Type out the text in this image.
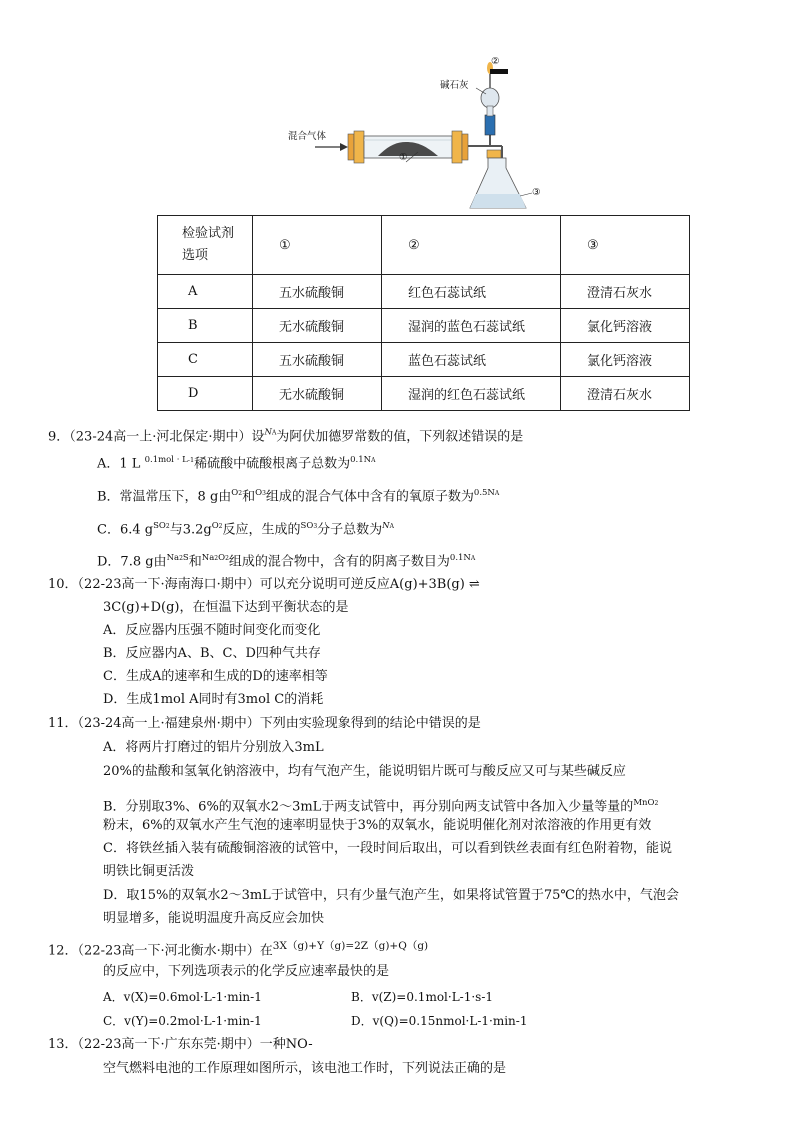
混合气体
碱石灰
①
②
③
检验试剂
选项	①	②	③
A	五水硫酸铜	红色石蕊试纸	澄清石灰水
B	无水硫酸铜	湿润的蓝色石蕊试纸	氯化钙溶液
C	五水硫酸铜	蓝色石蕊试纸	氯化钙溶液
D	无水硫酸铜	湿润的红色石蕊试纸	澄清石灰水
9．（23-24高一上·河北保定·期中）设$^{NA}$为阿伏加德罗常数的值，下列叙述错误的是
A．1 L $^{0.1mol \cdot L-1}$稀硫酸中硫酸根离子总数为$^{0.1NA}$
B．常温常压下，8 g由$^{O2}$和$^{O3}$组成的混合气体中含有的氧原子数为$^{0.5NA}$
C．6.4 $g^{SO2}$与$3.2g^{O2}$反应，生成的$^{SO3}$分子总数为$^{NA}$
D．7.8 g由$^{Na2S}$和$^{Na2O2}$组成的混合物中，含有的阴离子数目为$^{0.1NA}$
10．（22-23高一下·海南海口·期中）可以充分说明可逆反应A(g)+3B(g) ⇌
3C(g)+D(g)，在恒温下达到平衡状态的是
A．反应器内压强不随时间变化而变化
B．反应器内A、B、C、D四种气共存
C．生成A的速率和生成的D的速率相等
D．生成1mol A同时有3mol C的消耗
11．（23-24高一上·福建泉州·期中）下列由实验现象得到的结论中错误的是
A．将两片打磨过的铝片分别放入3mL
20%的盐酸和氢氧化钠溶液中，均有气泡产生，能说明铝片既可与酸反应又可与某些碱反应
B．分别取3%、6%的双氧水2～3mL于两支试管中，再分别向两支试管中各加入少量等量的$^{MnO2}$
粉末，6%的双氧水产生气泡的速率明显快于3%的双氧水，能说明催化剂对浓溶液的作用更有效
C．将铁丝插入装有硫酸铜溶液的试管中，一段时间后取出，可以看到铁丝表面有红色附着物，能说
明铁比铜更活泼
D．取15%的双氧水2～3mL于试管中，只有少量气泡产生，如果将试管置于75℃的热水中，气泡会
明显增多，能说明温度升高反应会加快
12．（22-23高一下·河北衡水·期中）在$^{3X(g)+Y(g)=2Z(g)+Q(g)}$
的反应中，下列选项表示的化学反应速率最快的是
A．v(X)=0.6mol·L-1·min-1	B．v(Z)=0.1mol·L-1·s-1
C．v(Y)=0.2mol·L-1·min-1	D．v(Q)=0.15nmol·L-1·min-1
13．（22-23高一下·广东东莞·期中）一种NO-
空气燃料电池的工作原理如图所示，该电池工作时，下列说法正确的是
